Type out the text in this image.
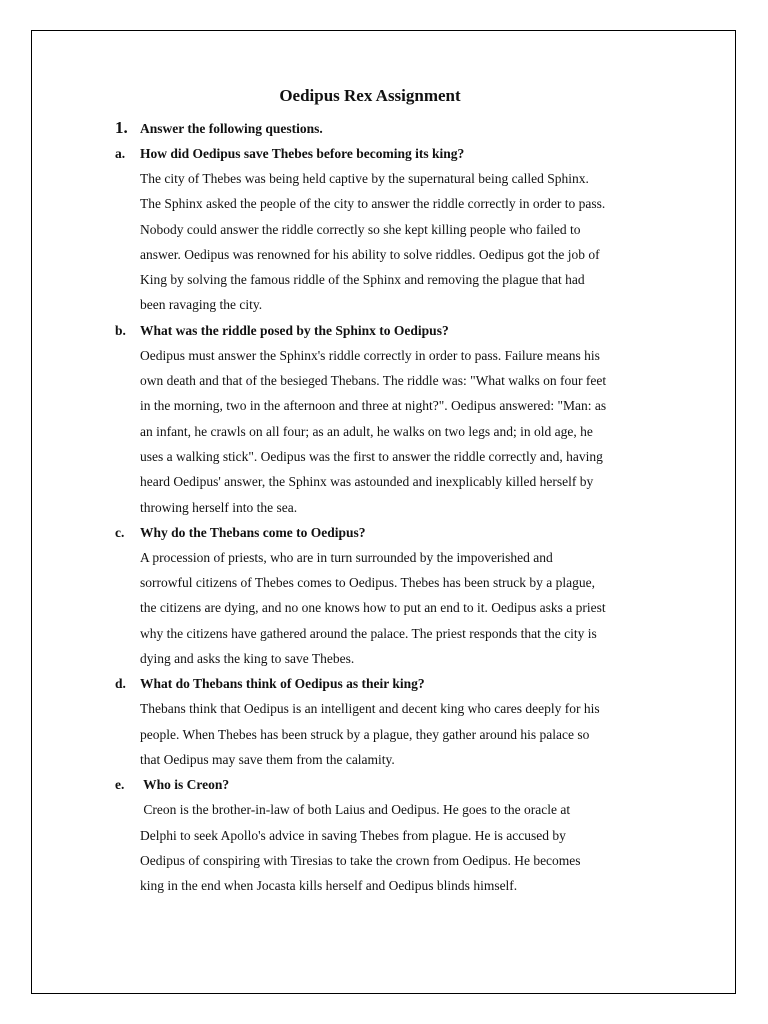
Oedipus Rex Assignment
1. Answer the following questions.
a.	How did Oedipus save Thebes before becoming its king?
The city of Thebes was being held captive by the supernatural being called Sphinx.
The Sphinx asked the people of the city to answer the riddle correctly in order to pass.
Nobody could answer the riddle correctly so she kept killing people who failed to
answer. Oedipus was renowned for his ability to solve riddles. Oedipus got the job of
King by solving the famous riddle of the Sphinx and removing the plague that had
been ravaging the city.
b.	What was the riddle posed by the Sphinx to Oedipus?
Oedipus must answer the Sphinx's riddle correctly in order to pass. Failure means his
own death and that of the besieged Thebans. The riddle was: "What walks on four feet
in the morning, two in the afternoon and three at night?". Oedipus answered: "Man: as
an infant, he crawls on all four; as an adult, he walks on two legs and; in old age, he
uses a walking stick". Oedipus was the first to answer the riddle correctly and, having
heard Oedipus' answer, the Sphinx was astounded and inexplicably killed herself by
throwing herself into the sea.
c.	Why do the Thebans come to Oedipus?
A procession of priests, who are in turn surrounded by the impoverished and
sorrowful citizens of Thebes comes to Oedipus. Thebes has been struck by a plague,
the citizens are dying, and no one knows how to put an end to it. Oedipus asks a priest
why the citizens have gathered around the palace. The priest responds that the city is
dying and asks the king to save Thebes.
d.	What do Thebans think of Oedipus as their king?
Thebans think that Oedipus is an intelligent and decent king who cares deeply for his
people. When Thebes has been struck by a plague, they gather around his palace so
that Oedipus may save them from the calamity.
e.	Who is Creon?
Creon is the brother-in-law of both Laius and Oedipus. He goes to the oracle at
Delphi to seek Apollo's advice in saving Thebes from plague. He is accused by
Oedipus of conspiring with Tiresias to take the crown from Oedipus. He becomes
king in the end when Jocasta kills herself and Oedipus blinds himself.
